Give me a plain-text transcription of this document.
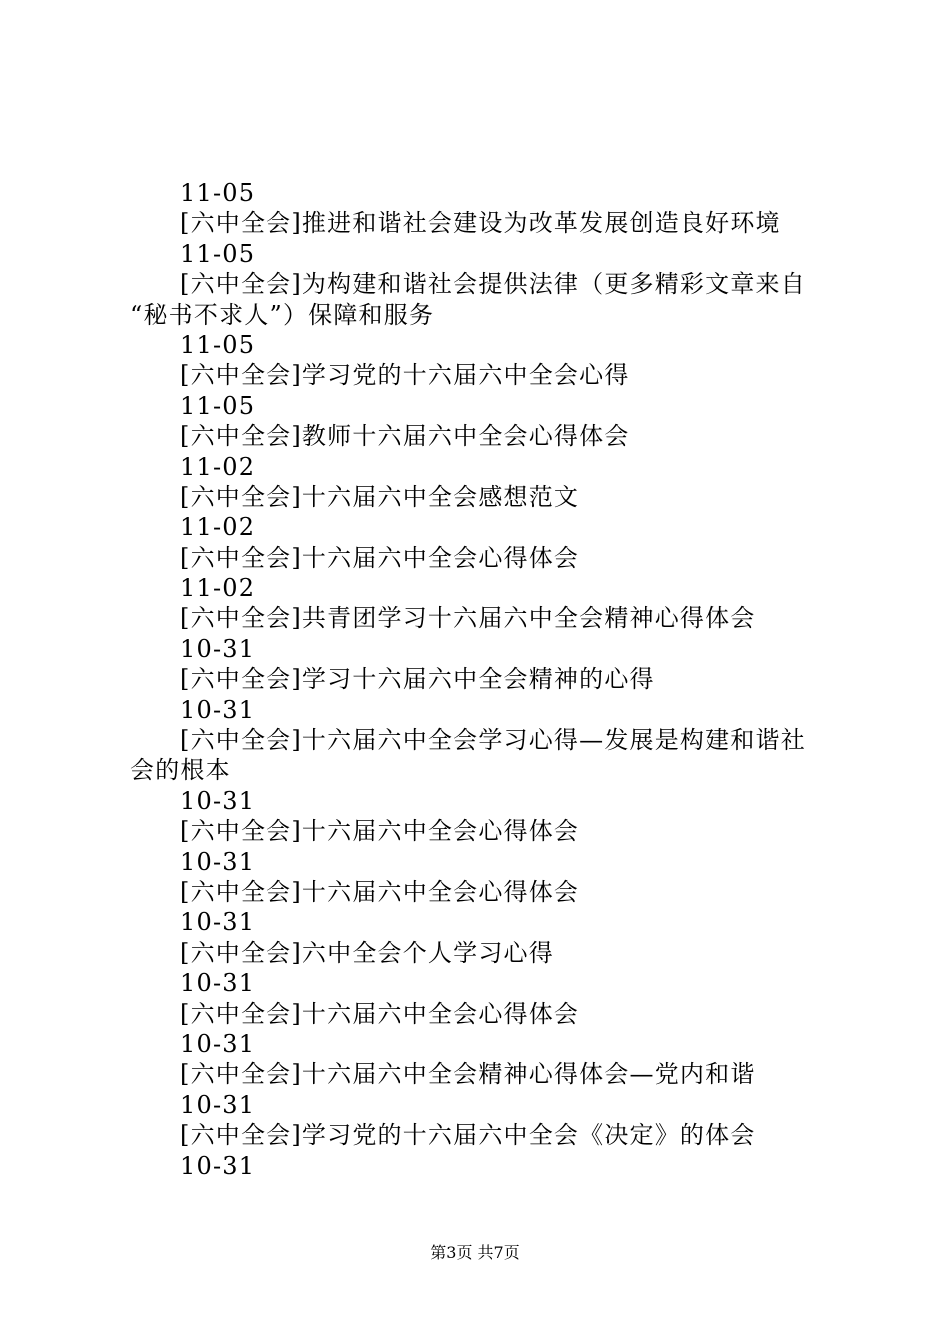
11-05
[六中全会]推进和谐社会建设为改革发展创造良好环境
11-05
[六中全会]为构建和谐社会提供法律（更多精彩文章来自
“秘书不求人”）保障和服务
11-05
[六中全会]学习党的十六届六中全会心得
11-05
[六中全会]教师十六届六中全会心得体会
11-02
[六中全会]十六届六中全会感想范文
11-02
[六中全会]十六届六中全会心得体会
11-02
[六中全会]共青团学习十六届六中全会精神心得体会
10-31
[六中全会]学习十六届六中全会精神的心得
10-31
[六中全会]十六届六中全会学习心得—发展是构建和谐社
会的根本
10-31
[六中全会]十六届六中全会心得体会
10-31
[六中全会]十六届六中全会心得体会
10-31
[六中全会]六中全会个人学习心得
10-31
[六中全会]十六届六中全会心得体会
10-31
[六中全会]十六届六中全会精神心得体会—党内和谐
10-31
[六中全会]学习党的十六届六中全会《决定》的体会
10-31
第3页 共7页
